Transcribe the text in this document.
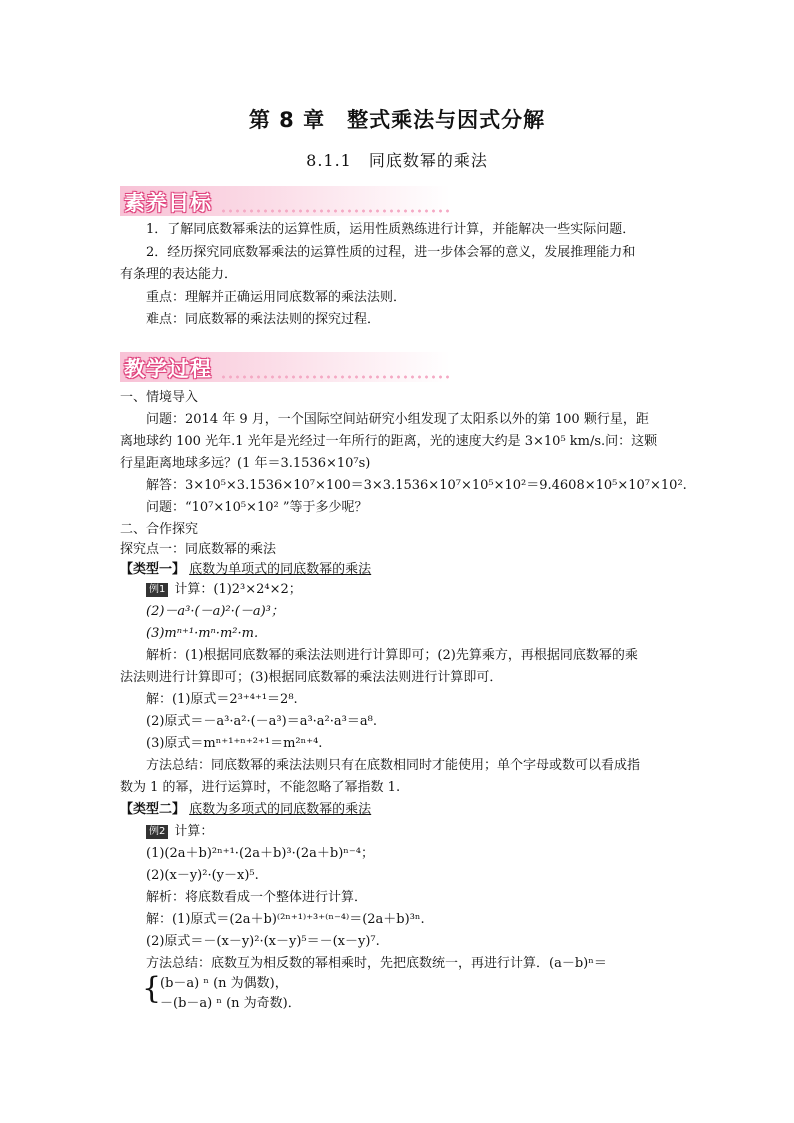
第 8 章　整式乘法与因式分解
8.1.1　同底数幂的乘法
素养目标
1．了解同底数幂乘法的运算性质，运用性质熟练进行计算，并能解决一些实际问题．
2．经历探究同底数幂乘法的运算性质的过程，进一步体会幂的意义，发展推理能力和
有条理的表达能力．
重点：理解并正确运用同底数幂的乘法法则．
难点：同底数幂的乘法法则的探究过程．
教学过程
一、情境导入
问题：2014 年 9 月，一个国际空间站研究小组发现了太阳系以外的第 100 颗行星，距
离地球约 100 光年.1 光年是光经过一年所行的距离，光的速度大约是 3×10⁵ km/s.问：这颗
行星距离地球多远？(1 年＝3.1536×10⁷s)
解答：3×10⁵×3.1536×10⁷×100＝3×3.1536×10⁷×10⁵×10²＝9.4608×10⁵×10⁷×10².
问题：“10⁷×10⁵×10² ”等于多少呢？
二、合作探究
探究点一：同底数幂的乘法
【类型一】 底数为单项式的同底数幂的乘法
例1 计算：(1)2³×2⁴×2；
(2)－a³·(－a)²·(－a)³；
(3)mⁿ⁺¹·mⁿ·m²·m.
解析：(1)根据同底数幂的乘法法则进行计算即可；(2)先算乘方，再根据同底数幂的乘
法法则进行计算即可；(3)根据同底数幂的乘法法则进行计算即可．
解：(1)原式＝2³⁺⁴⁺¹＝2⁸.
(2)原式＝－a³·a²·(－a³)＝a³·a²·a³＝a⁸.
(3)原式＝mⁿ⁺¹⁺ⁿ⁺²⁺¹＝m²ⁿ⁺⁴.
方法总结：同底数幂的乘法法则只有在底数相同时才能使用；单个字母或数可以看成指
数为 1 的幂，进行运算时，不能忽略了幂指数 1.
【类型二】 底数为多项式的同底数幂的乘法
例2 计算：
(1)(2a＋b)²ⁿ⁺¹·(2a＋b)³·(2a＋b)ⁿ⁻⁴；
(2)(x－y)²·(y－x)⁵.
解析：将底数看成一个整体进行计算．
解：(1)原式＝(2a＋b)⁽²ⁿ⁺¹⁾⁺³⁺⁽ⁿ⁻⁴⁾＝(2a＋b)³ⁿ.
(2)原式＝－(x－y)²·(x－y)⁵＝－(x－y)⁷.
方法总结：底数互为相反数的幂相乘时，先把底数统一，再进行计算．(a－b)ⁿ＝
{
(b－a) ⁿ (n 为偶数)，
－(b－a) ⁿ (n 为奇数)．
